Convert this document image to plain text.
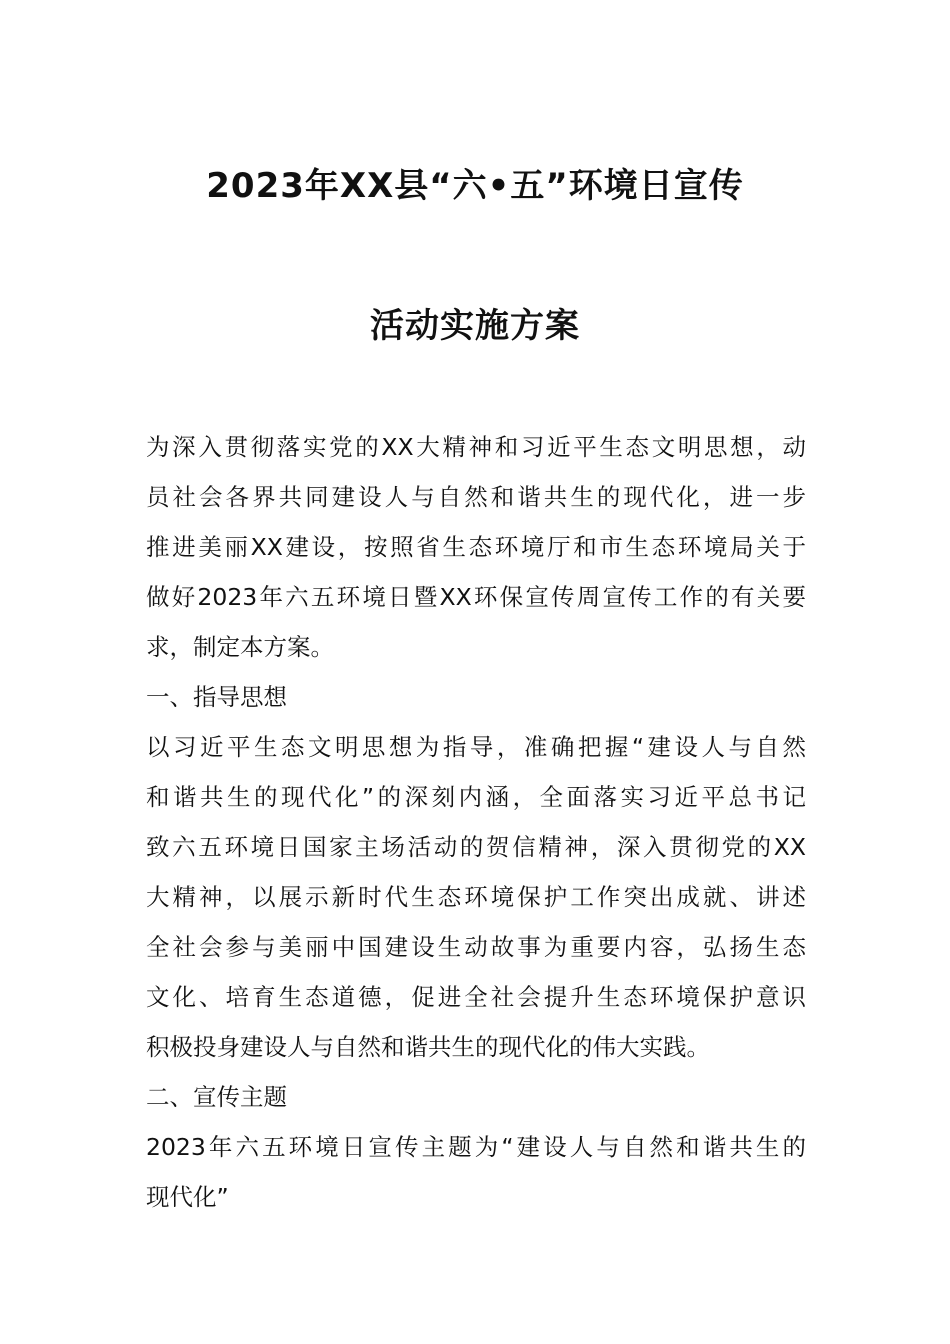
2023年XX县“六•五”环境日宣传
活动实施方案
为深入贯彻落实党的XX大精神和习近平生态文明思想，动
员社会各界共同建设人与自然和谐共生的现代化，进一步
推进美丽XX建设，按照省生态环境厅和市生态环境局关于
做好2023年六五环境日暨XX环保宣传周宣传工作的有关要
求，制定本方案。
一、指导思想
以习近平生态文明思想为指导，准确把握“建设人与自然
和谐共生的现代化”的深刻内涵，全面落实习近平总书记
致六五环境日国家主场活动的贺信精神，深入贯彻党的XX
大精神，以展示新时代生态环境保护工作突出成就、讲述
全社会参与美丽中国建设生动故事为重要内容，弘扬生态
文化、培育生态道德，促进全社会提升生态环境保护意识
积极投身建设人与自然和谐共生的现代化的伟大实践。
二、宣传主题
2023年六五环境日宣传主题为“建设人与自然和谐共生的
现代化”
